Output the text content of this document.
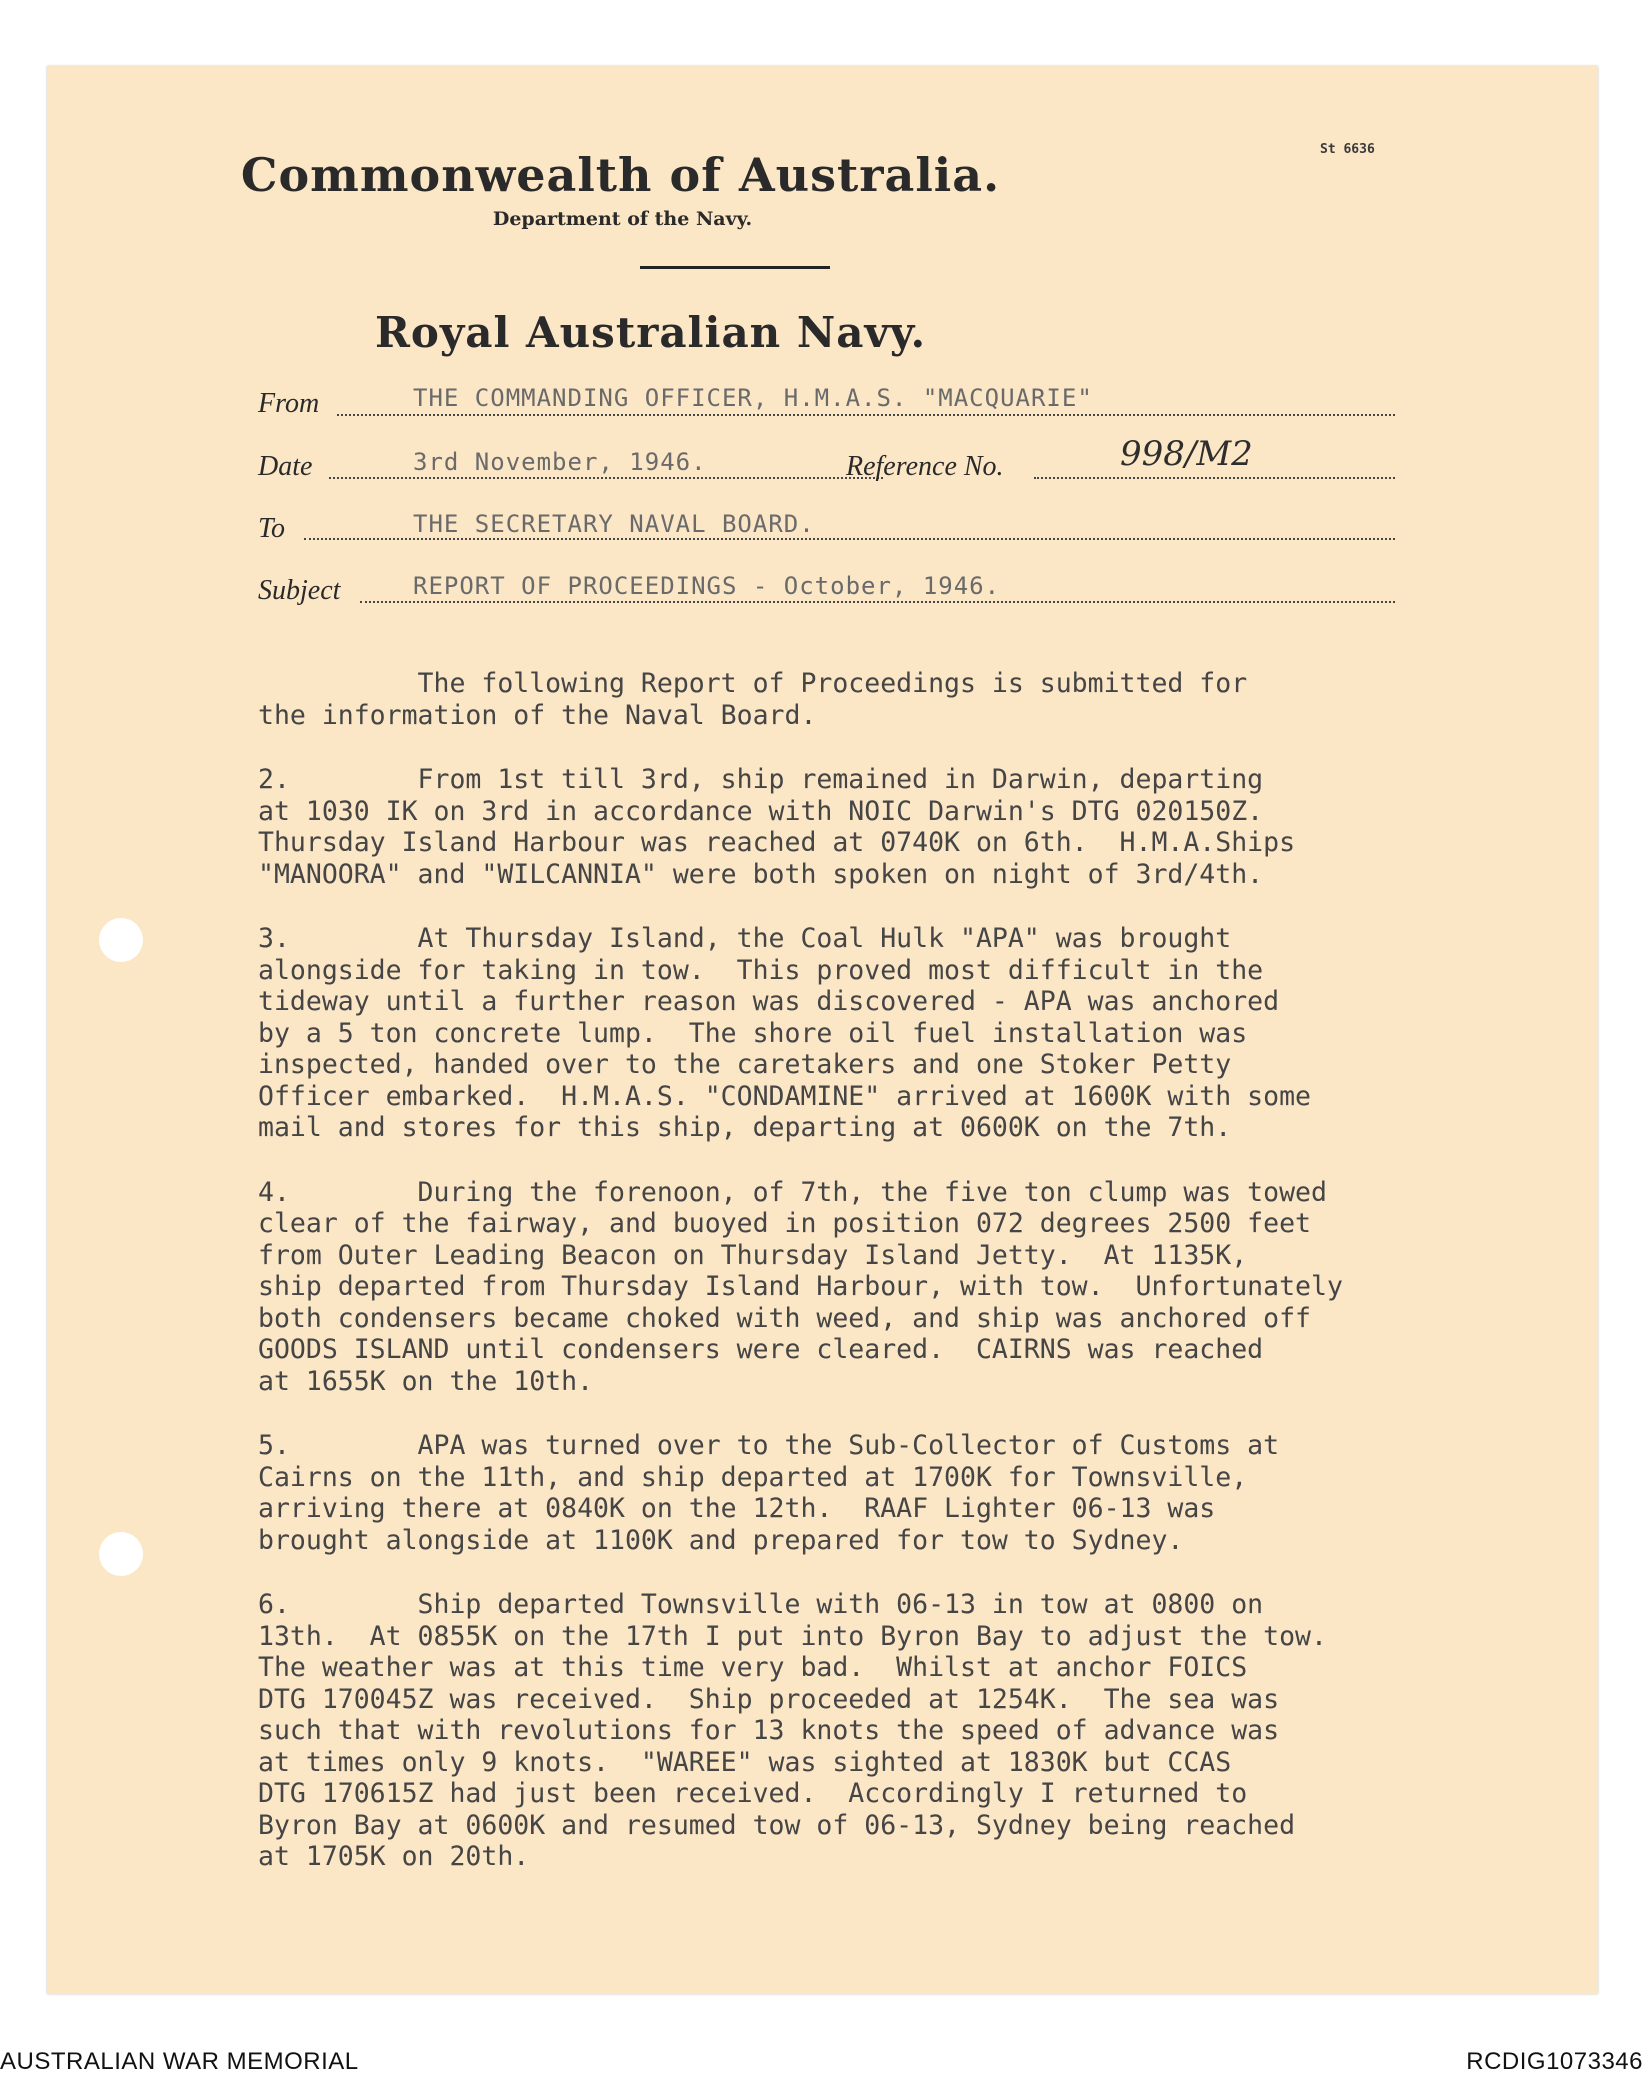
St 6636
Commonwealth of Australia.
Department of the Navy.
Royal Australian Navy.
From	THE COMMANDING OFFICER, H.M.A.S. "MACQUARIE"
Date	3rd November, 1946.	Reference No.	998/M2
To	THE SECRETARY NAVAL BOARD.
Subject	REPORT OF PROCEEDINGS - October, 1946.

The following Report of Proceedings is submitted for
the information of the Naval Board.

2.        From 1st till 3rd, ship remained in Darwin, departing
at 1030 IK on 3rd in accordance with NOIC Darwin's DTG 020150Z.
Thursday Island Harbour was reached at 0740K on 6th.  H.M.A.Ships
"MANOORA" and "WILCANNIA" were both spoken on night of 3rd/4th.

3.        At Thursday Island, the Coal Hulk "APA" was brought
alongside for taking in tow.  This proved most difficult in the
tideway until a further reason was discovered - APA was anchored
by a 5 ton concrete lump.  The shore oil fuel installation was
inspected, handed over to the caretakers and one Stoker Petty
Officer embarked.  H.M.A.S. "CONDAMINE" arrived at 1600K with some
mail and stores for this ship, departing at 0600K on the 7th.

4.        During the forenoon, of 7th, the five ton clump was towed
clear of the fairway, and buoyed in position 072 degrees 2500 feet
from Outer Leading Beacon on Thursday Island Jetty.  At 1135K,
ship departed from Thursday Island Harbour, with tow.  Unfortunately
both condensers became choked with weed, and ship was anchored off
GOODS ISLAND until condensers were cleared.  CAIRNS was reached
at 1655K on the 10th.

5.        APA was turned over to the Sub-Collector of Customs at
Cairns on the 11th, and ship departed at 1700K for Townsville,
arriving there at 0840K on the 12th.  RAAF Lighter 06-13 was
brought alongside at 1100K and prepared for tow to Sydney.

6.        Ship departed Townsville with 06-13 in tow at 0800 on
13th.  At 0855K on the 17th I put into Byron Bay to adjust the tow.
The weather was at this time very bad.  Whilst at anchor FOICS
DTG 170045Z was received.  Ship proceeded at 1254K.  The sea was
such that with revolutions for 13 knots the speed of advance was
at times only 9 knots.  "WAREE" was sighted at 1830K but CCAS
DTG 170615Z had just been received.  Accordingly I returned to
Byron Bay at 0600K and resumed tow of 06-13, Sydney being reached
at 1705K on 20th.

AUSTRALIAN WAR MEMORIAL	RCDIG1073346
